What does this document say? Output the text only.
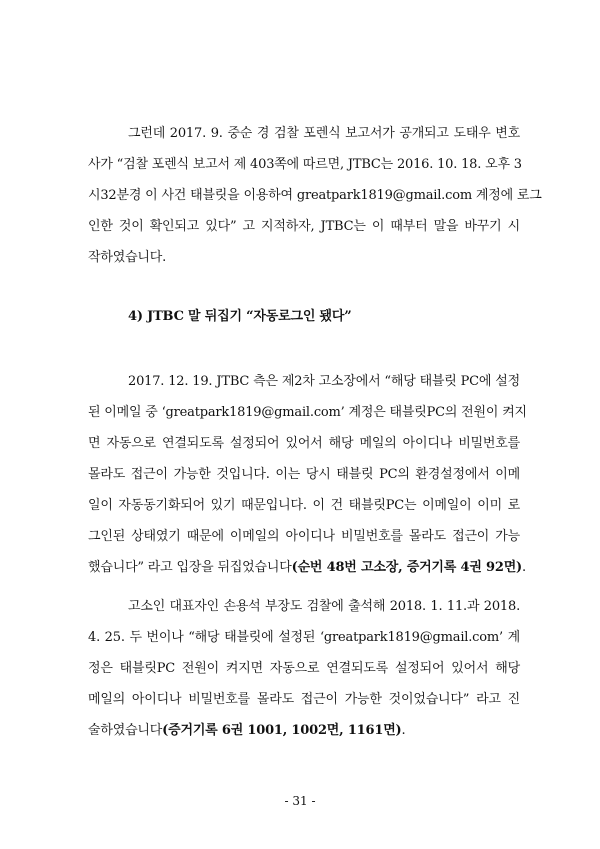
그런데 2017. 9. 중순 경 검찰 포렌식 보고서가 공개되고 도태우 변호
사가 “검찰 포렌식 보고서 제 403쪽에 따르면, JTBC는 2016. 10. 18. 오후 3
시32분경 이 사건 태블릿을 이용하여 greatpark1819@gmail.com 계정에 로그
인한 것이 확인되고 있다” 고 지적하자, JTBC는 이 때부터 말을 바꾸기 시
작하였습니다.
4) JTBC 말 뒤집기 “자동로그인 됐다”
2017. 12. 19. JTBC 측은 제2차 고소장에서 “해당 태블릿 PC에 설정
된 이메일 중 ‘greatpark1819@gmail.com’ 계정은 태블릿PC의 전원이 켜지
면 자동으로 연결되도록 설정되어 있어서 해당 메일의 아이디나 비밀번호를
몰라도 접근이 가능한 것입니다. 이는 당시 태블릿 PC의 환경설정에서 이메
일이 자동동기화되어 있기 때문입니다. 이 건 태블릿PC는 이메일이 이미 로
그인된 상태였기 때문에 이메일의 아이디나 비밀번호를 몰라도 접근이 가능
했습니다” 라고 입장을 뒤집었습니다(순번 48번 고소장, 증거기록 4권 92면).
고소인 대표자인 손용석 부장도 검찰에 출석해 2018. 1. 11.과 2018.
4. 25. 두 번이나 “해당 태블릿에 설정된 ‘greatpark1819@gmail.com’ 계
정은 태블릿PC 전원이 켜지면 자동으로 연결되도록 설정되어 있어서 해당
메일의 아이디나 비밀번호를 몰라도 접근이 가능한 것이었습니다” 라고 진
술하였습니다(증거기록 6권 1001, 1002면, 1161면).
- 31 -
